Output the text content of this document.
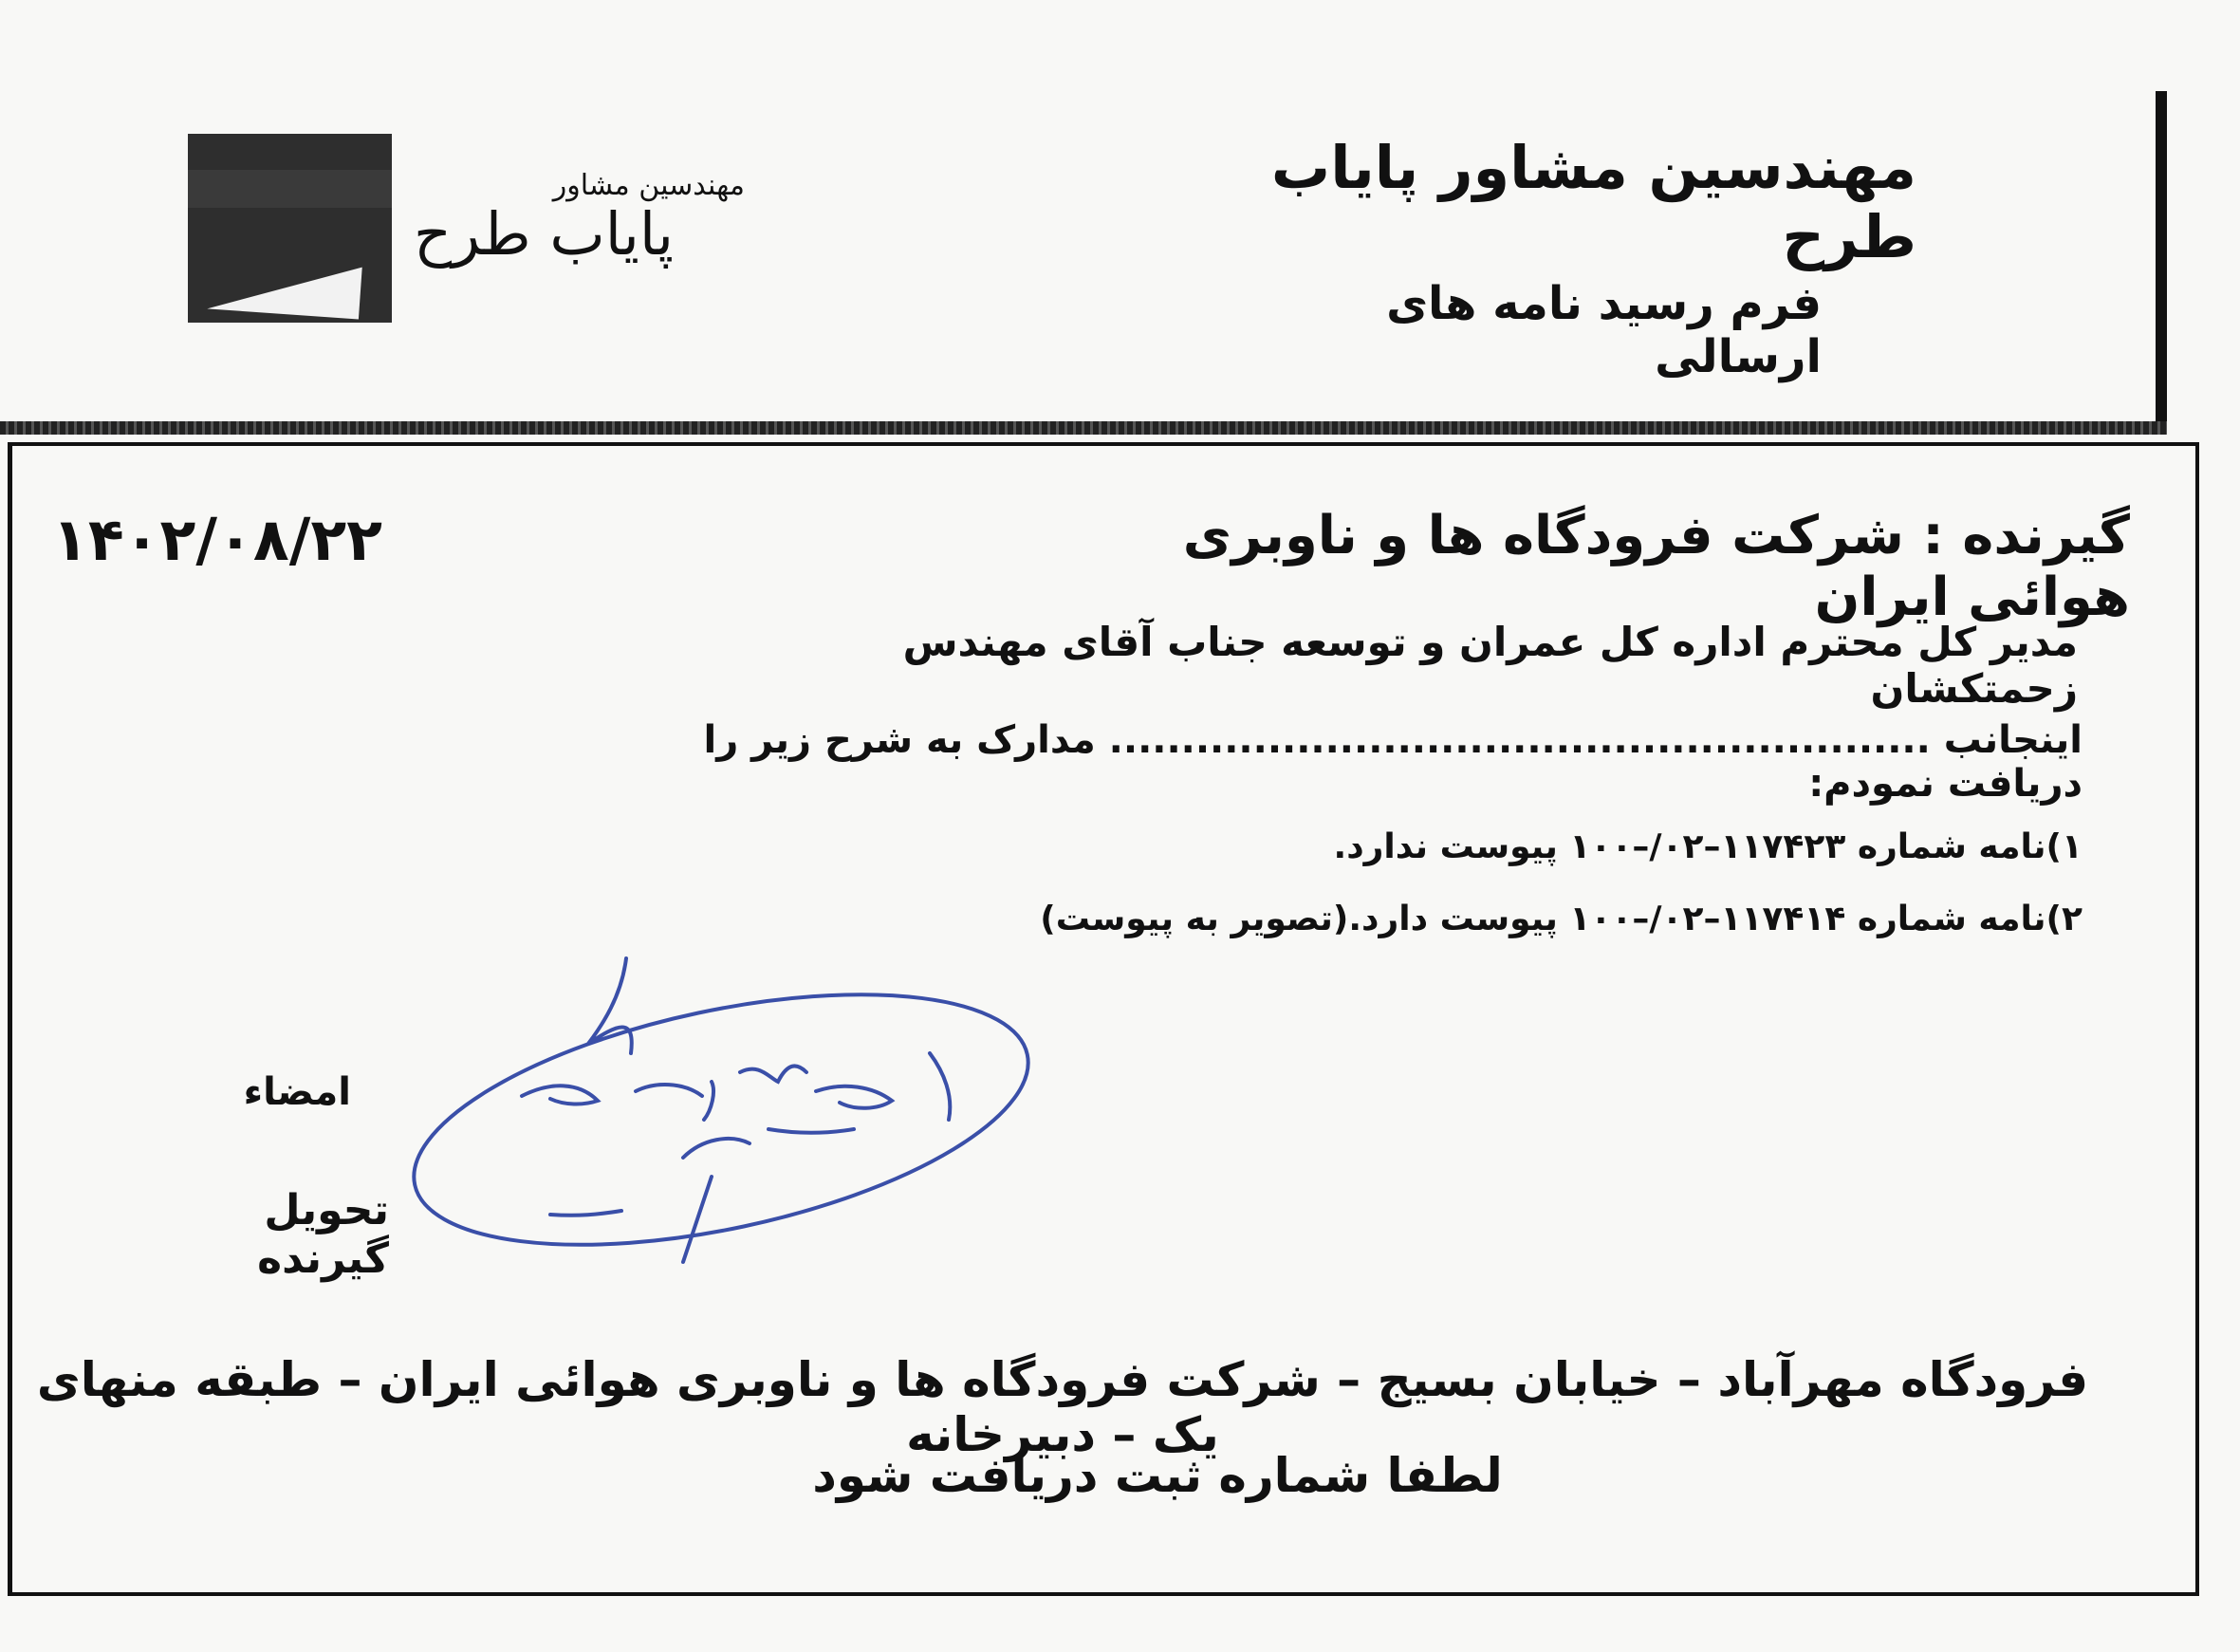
مهندسین مشاور
پایاب طرح
مهندسین مشاور پایاب طرح
فرم رسید نامه های ارسالی
۱۴۰۲/۰۸/۲۲	گیرنده : شرکت فرودگاه ها و ناوبری هوائی ایران
مدیر کل محترم اداره کل عمران و توسعه جناب آقای مهندس زحمتکشان
اینجانب ......................................................... مدارک به شرح زیر را دریافت نمودم:
۱)نامه شماره ۱۱۷۴۲۳–۰۲/–۱۰۰ پیوست ندارد.
۲)نامه شماره ۱۱۷۴۱۴–۰۲/–۱۰۰ پیوست دارد.(تصویر به پیوست)
امضاء
تحویل گیرنده
فرودگاه مهرآباد – خیابان بسیج – شرکت فرودگاه ها و ناوبری هوائی ایران – طبقه منهای یک – دبیرخانه
لطفا شماره ثبت دریافت شود
